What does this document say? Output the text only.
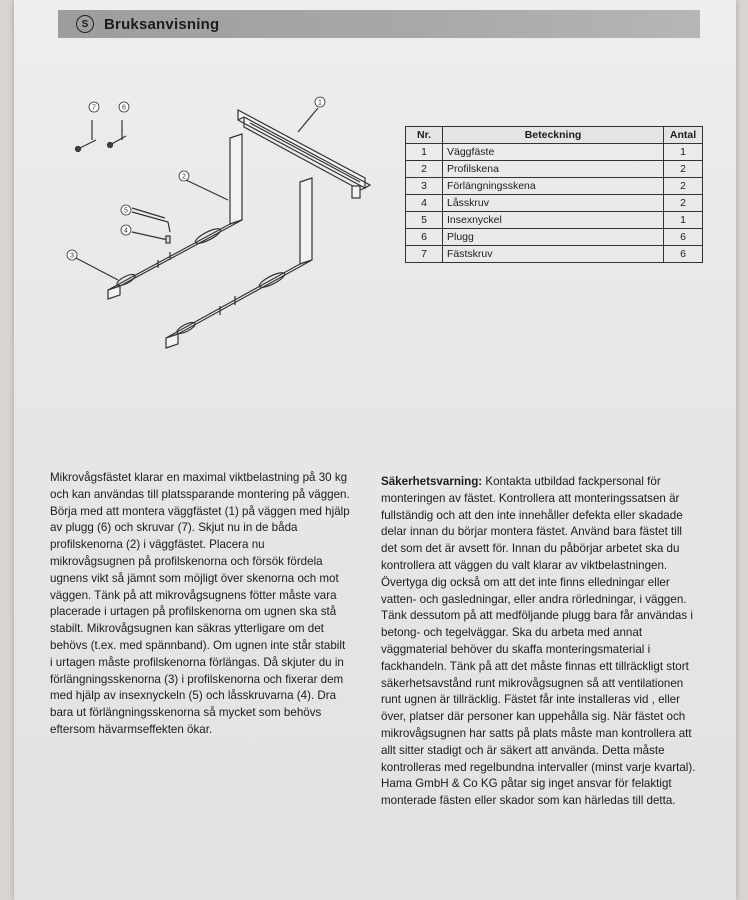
S	Bruksanvisning
1
2
3
4
5
6
7
Nr.	Beteckning	Antal
1	Väggfäste	1
2	Profilskena	2
3	Förlängningsskena	2
4	Låsskruv	2
5	Insexnyckel	1
6	Plugg	6
7	Fästskruv	6
Mikrovågsfästet klarar en maximal viktbelastning på 30 kg och kan användas till platssparande montering på väggen. Börja med att montera väggfästet (1) på väggen med hjälp av plugg (6) och skruvar (7). Skjut nu in de båda profilskenorna (2) i väggfästet. Placera nu mikrovågsugnen på profilskenorna och försök fördela ugnens vikt så jämnt som möjligt över skenorna och mot väggen. Tänk på att mikrovågsugnens fötter måste vara placerade i urtagen på profilskenorna om ugnen ska stå stabilt. Mikrovågsugnen kan säkras ytterligare om det behövs (t.ex. med spännband). Om ugnen inte står stabilt i urtagen måste profilskenorna förlängas. Då skjuter du in förlängningsskenorna (3) i profilskenorna och fixerar dem med hjälp av insexnyckeln (5) och låsskruvarna (4). Dra bara ut förlängningsskenorna så mycket som behövs eftersom hävarmseffekten ökar.
Säkerhetsvarning: Kontakta utbildad fackpersonal för monteringen av fästet. Kontrollera att monteringssatsen är fullständig och att den inte innehåller defekta eller skadade delar innan du börjar montera fästet. Använd bara fästet till det som det är avsett för. Innan du påbörjar arbetet ska du kontrollera att väggen du valt klarar av viktbelastningen. Övertyga dig också om att det inte finns elledningar eller vatten- och gasledningar, eller andra rörledningar, i väggen. Tänk dessutom på att medföljande plugg bara får användas i betong- och tegelväggar. Ska du arbeta med annat väggmaterial behöver du skaffa monteringsmaterial i fackhandeln. Tänk på att det måste finnas ett tillräckligt stort säkerhetsavstånd runt mikrovågsugnen så att ventilationen runt ugnen är tillräcklig. Fästet får inte installeras vid , eller över, platser där personer kan uppehålla sig. När fästet och mikrovågsugnen har satts på plats måste man kontrollera att allt sitter stadigt och är säkert att använda. Detta måste kontrolleras med regelbundna intervaller (minst varje kvartal). Hama GmbH & Co KG påtar sig inget ansvar för felaktigt monterade fästen eller skador som kan härledas till detta.
